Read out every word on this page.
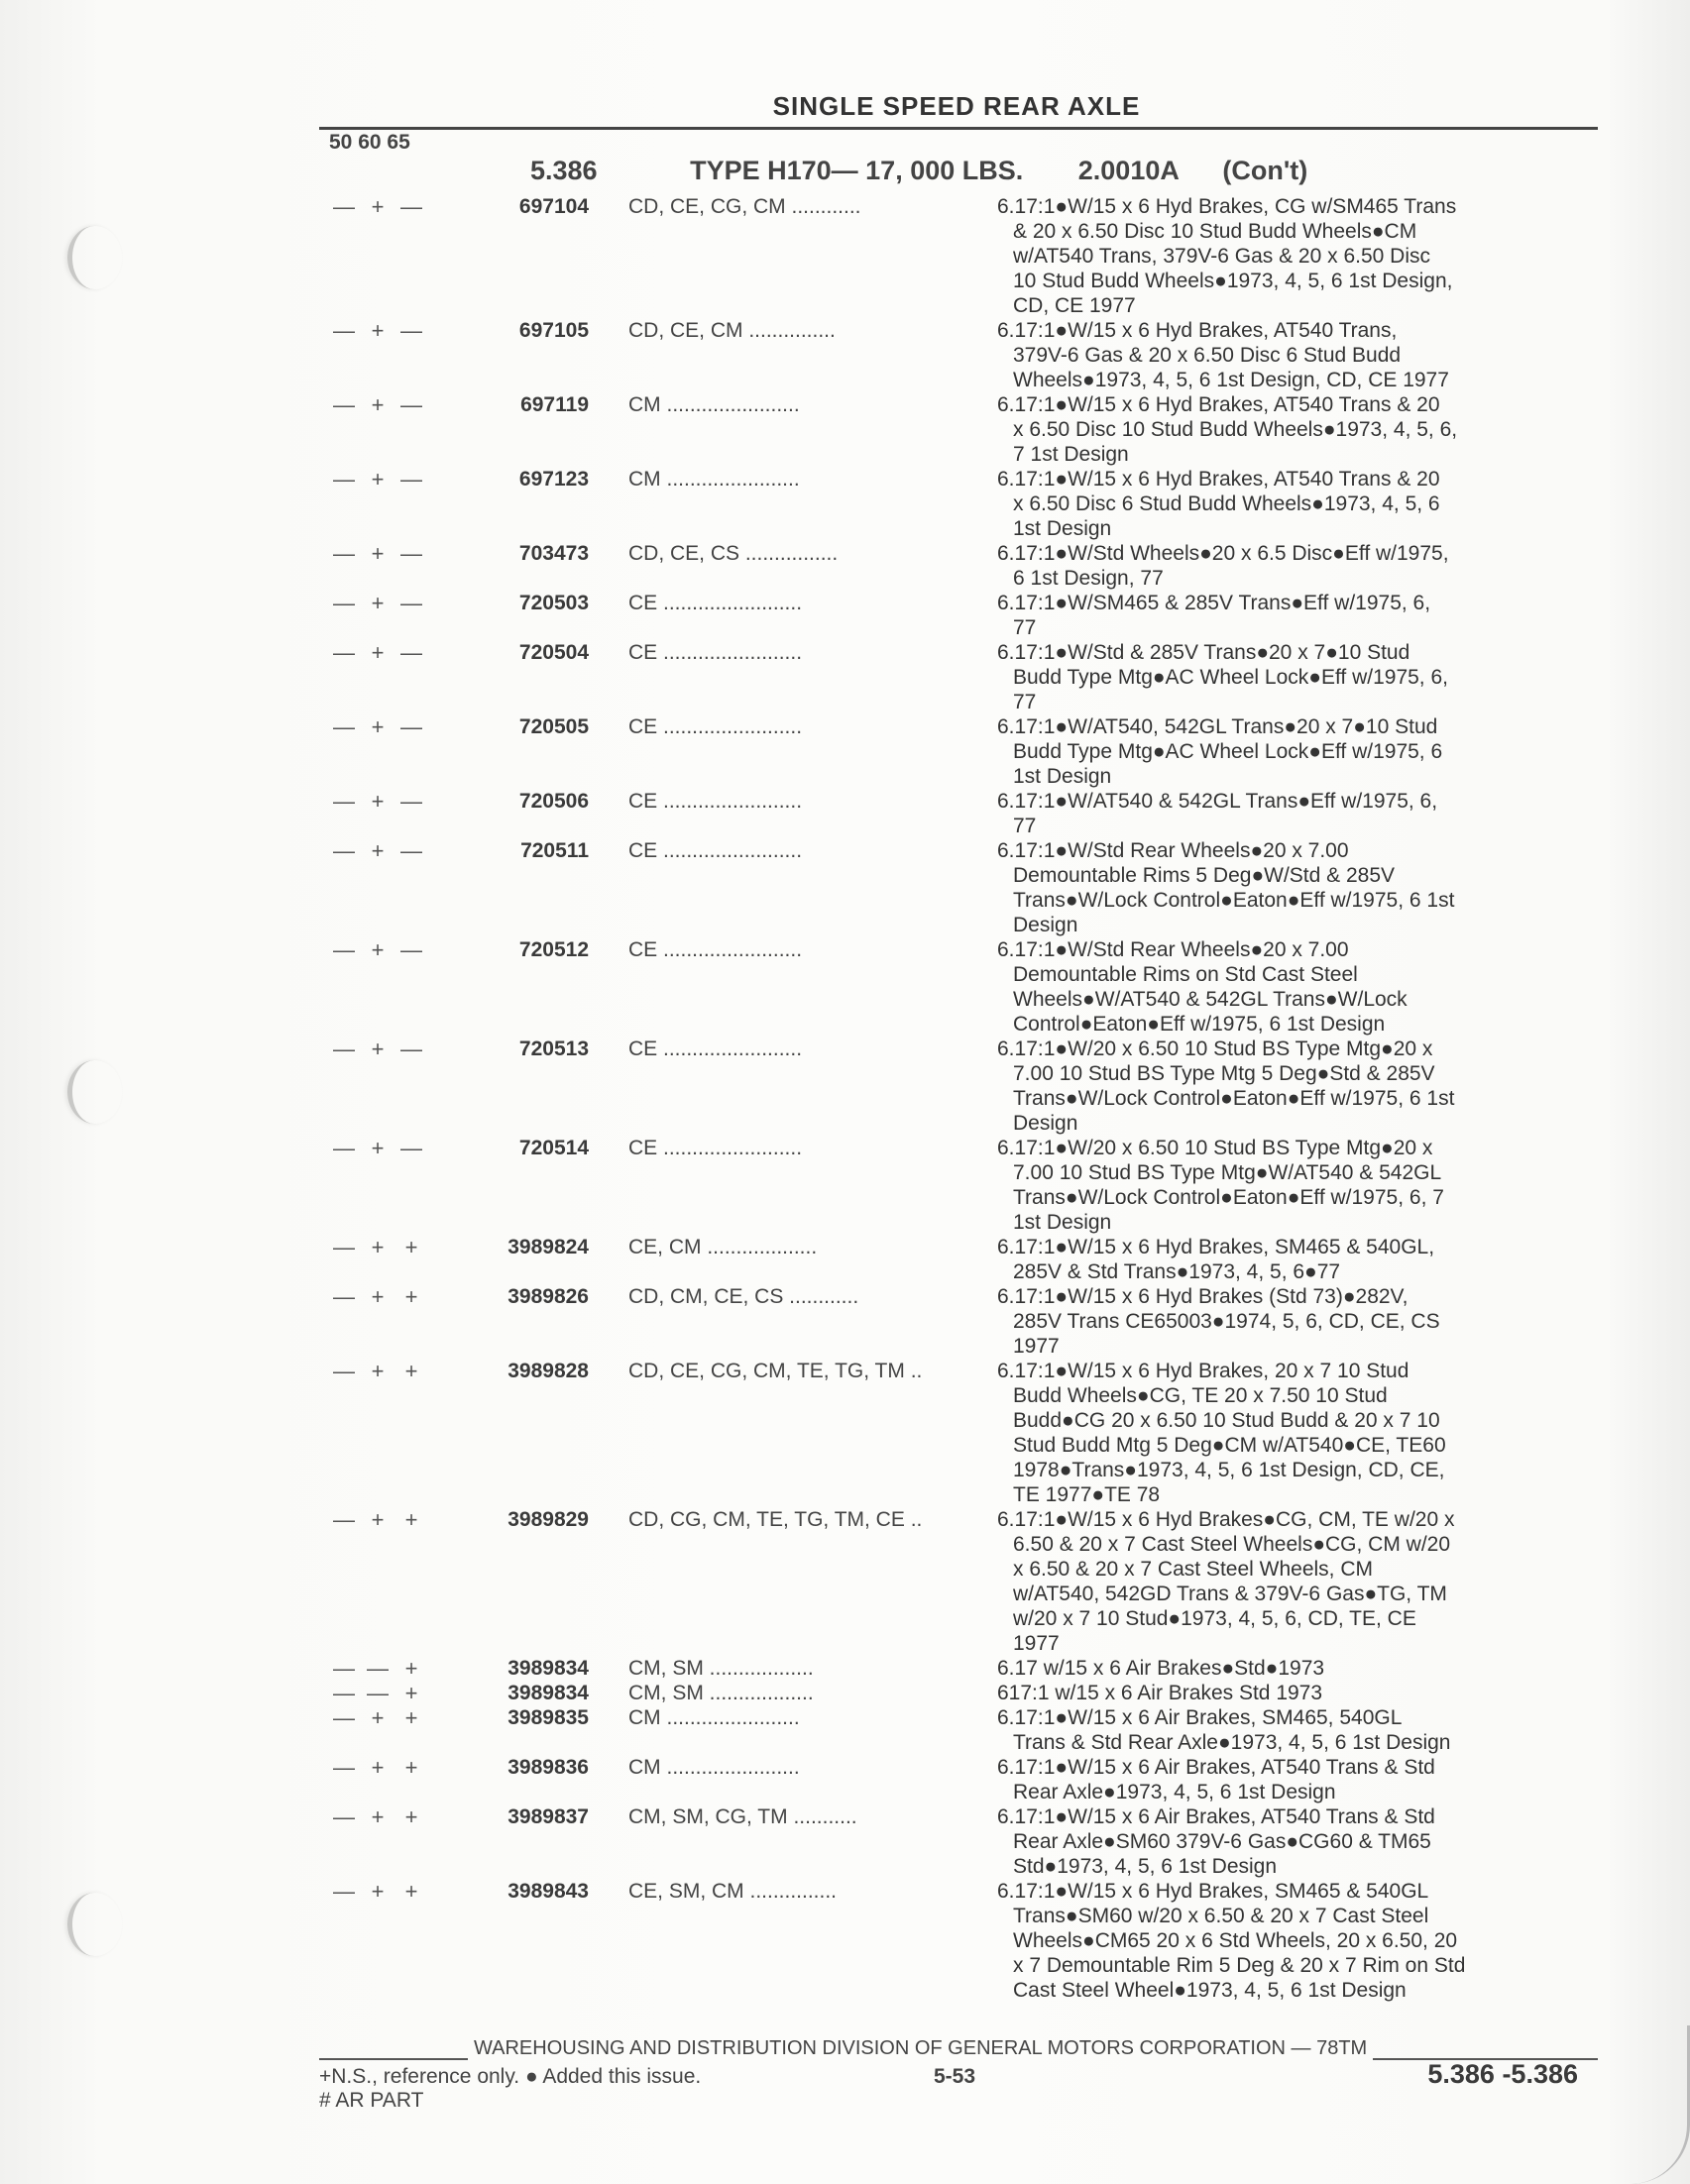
SINGLE SPEED REAR AXLE
50 60 65
5.386	TYPE H170— 17, 000 LBS. 2.0010A (Con't)
— + —	697104	CD, CE, CG, CM ............	6.17:1●W/15 x 6 Hyd Brakes, CG w/SM465 Trans
& 20 x 6.50 Disc 10 Stud Budd Wheels●CM
w/AT540 Trans, 379V-6 Gas & 20 x 6.50 Disc
10 Stud Budd Wheels●1973, 4, 5, 6 1st Design,
CD, CE 1977
— + —	697105	CD, CE, CM ...............	6.17:1●W/15 x 6 Hyd Brakes, AT540 Trans,
379V-6 Gas & 20 x 6.50 Disc 6 Stud Budd
Wheels●1973, 4, 5, 6 1st Design, CD, CE 1977
— + —	697119	CM .......................	6.17:1●W/15 x 6 Hyd Brakes, AT540 Trans & 20
x 6.50 Disc 10 Stud Budd Wheels●1973, 4, 5, 6,
7 1st Design
— + —	697123	CM .......................	6.17:1●W/15 x 6 Hyd Brakes, AT540 Trans & 20
x 6.50 Disc 6 Stud Budd Wheels●1973, 4, 5, 6
1st Design
— + —	703473	CD, CE, CS ................	6.17:1●W/Std Wheels●20 x 6.5 Disc●Eff w/1975,
6 1st Design, 77
— + —	720503	CE ........................	6.17:1●W/SM465 & 285V Trans●Eff w/1975, 6,
77
— + —	720504	CE ........................	6.17:1●W/Std & 285V Trans●20 x 7●10 Stud
Budd Type Mtg●AC Wheel Lock●Eff w/1975, 6,
77
— + —	720505	CE ........................	6.17:1●W/AT540, 542GL Trans●20 x 7●10 Stud
Budd Type Mtg●AC Wheel Lock●Eff w/1975, 6
1st Design
— + —	720506	CE ........................	6.17:1●W/AT540 & 542GL Trans●Eff w/1975, 6,
77
— + —	720511	CE ........................	6.17:1●W/Std Rear Wheels●20 x 7.00
Demountable Rims 5 Deg●W/Std & 285V
Trans●W/Lock Control●Eaton●Eff w/1975, 6 1st
Design
— + —	720512	CE ........................	6.17:1●W/Std Rear Wheels●20 x 7.00
Demountable Rims on Std Cast Steel
Wheels●W/AT540 & 542GL Trans●W/Lock
Control●Eaton●Eff w/1975, 6 1st Design
— + —	720513	CE ........................	6.17:1●W/20 x 6.50 10 Stud BS Type Mtg●20 x
7.00 10 Stud BS Type Mtg 5 Deg●Std & 285V
Trans●W/Lock Control●Eaton●Eff w/1975, 6 1st
Design
— + —	720514	CE ........................	6.17:1●W/20 x 6.50 10 Stud BS Type Mtg●20 x
7.00 10 Stud BS Type Mtg●W/AT540 & 542GL
Trans●W/Lock Control●Eaton●Eff w/1975, 6, 7
1st Design
— + +	3989824	CE, CM ...................	6.17:1●W/15 x 6 Hyd Brakes, SM465 & 540GL,
285V & Std Trans●1973, 4, 5, 6●77
— + +	3989826	CD, CM, CE, CS ............	6.17:1●W/15 x 6 Hyd Brakes (Std 73)●282V,
285V Trans CE65003●1974, 5, 6, CD, CE, CS
1977
— + +	3989828	CD, CE, CG, CM, TE, TG, TM ..	6.17:1●W/15 x 6 Hyd Brakes, 20 x 7 10 Stud
Budd Wheels●CG, TE 20 x 7.50 10 Stud
Budd●CG 20 x 6.50 10 Stud Budd & 20 x 7 10
Stud Budd Mtg 5 Deg●CM w/AT540●CE, TE60
1978●Trans●1973, 4, 5, 6 1st Design, CD, CE,
TE 1977●TE 78
— + +	3989829	CD, CG, CM, TE, TG, TM, CE ..	6.17:1●W/15 x 6 Hyd Brakes●CG, CM, TE w/20 x
6.50 & 20 x 7 Cast Steel Wheels●CG, CM w/20
x 6.50 & 20 x 7 Cast Steel Wheels, CM
w/AT540, 542GD Trans & 379V-6 Gas●TG, TM
w/20 x 7 10 Stud●1973, 4, 5, 6, CD, TE, CE
1977
— — +	3989834	CM, SM ..................	6.17 w/15 x 6 Air Brakes●Std●1973
— — +	3989834	CM, SM ..................	617:1 w/15 x 6 Air Brakes Std 1973
— + +	3989835	CM .......................	6.17:1●W/15 x 6 Air Brakes, SM465, 540GL
Trans & Std Rear Axle●1973, 4, 5, 6 1st Design
— + +	3989836	CM .......................	6.17:1●W/15 x 6 Air Brakes, AT540 Trans & Std
Rear Axle●1973, 4, 5, 6 1st Design
— + +	3989837	CM, SM, CG, TM ...........	6.17:1●W/15 x 6 Air Brakes, AT540 Trans & Std
Rear Axle●SM60 379V-6 Gas●CG60 & TM65
Std●1973, 4, 5, 6 1st Design
— + +	3989843	CE, SM, CM ...............	6.17:1●W/15 x 6 Hyd Brakes, SM465 & 540GL
Trans●SM60 w/20 x 6.50 & 20 x 7 Cast Steel
Wheels●CM65 20 x 6 Std Wheels, 20 x 6.50, 20
x 7 Demountable Rim 5 Deg & 20 x 7 Rim on Std
Cast Steel Wheel●1973, 4, 5, 6 1st Design
WAREHOUSING AND DISTRIBUTION DIVISION OF GENERAL MOTORS CORPORATION — 78TM
+N.S., reference only. ● Added this issue.
# AR PART
5-53	5.386 -5.386
